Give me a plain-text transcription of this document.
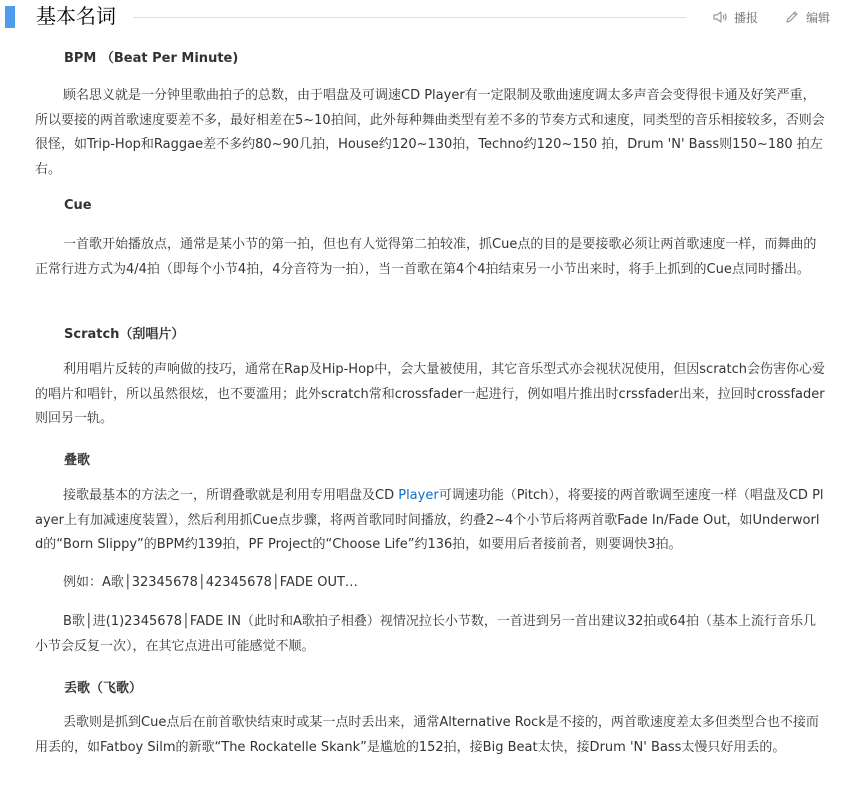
基本名词	播报	编辑
BPM （Beat Per Minute)
顾名思义就是一分钟里歌曲拍子的总数，由于唱盘及可调速CD Player有一定限制及歌曲速度调太多声音会变得很卡通及好笑严重，所以要接的两首歌速度要差不多，最好相差在5~10拍间，此外每种舞曲类型有差不多的节奏方式和速度，同类型的音乐相接较多，否则会很怪，如Trip-Hop和Raggae差不多约80~90几拍，House约120~130拍，Techno约120~150 拍，Drum 'N' Bass则150~180 拍左右。
Cue
一首歌开始播放点，通常是某小节的第一拍，但也有人觉得第二拍较准，抓Cue点的目的是要接歌必须让两首歌速度一样，而舞曲的正常行进方式为4/4拍（即每个小节4拍，4分音符为一拍），当一首歌在第4个4拍结束另一小节出来时，将手上抓到的Cue点同时播出。
Scratch（刮唱片）
利用唱片反转的声响做的技巧，通常在Rap及Hip-Hop中，会大量被使用，其它音乐型式亦会视状况使用，但因scratch会伤害你心爱的唱片和唱针，所以虽然很炫，也不要滥用；此外scratch常和crossfader一起进行，例如唱片推出时crssfader出来，拉回时crossfader则回另一轨。
叠歌
接歌最基本的方法之一，所谓叠歌就是利用专用唱盘及CD Player可调速功能（Pitch），将要接的两首歌调至速度一样（唱盘及CD Player上有加减速度装置），然后利用抓Cue点步骤，将两首歌同时间播放，约叠2~4个小节后将两首歌Fade In/Fade Out，如Underworld的“Born Slippy”的BPM约139拍，PF Project的“Choose Life”约136拍，如要用后者接前者，则要调快3拍。
例如：A歌│32345678│42345678│FADE OUT…
B歌│进(1)2345678│FADE IN（此时和A歌拍子相叠）视情况拉长小节数，一首进到另一首出建议32拍或64拍（基本上流行音乐几小节会反复一次），在其它点进出可能感觉不顺。
丢歌（飞歌）
丢歌则是抓到Cue点后在前首歌快结束时或某一点时丢出来，通常Alternative Rock是不接的，两首歌速度差太多但类型合也不接而用丢的，如Fatboy Silm的新歌“The Rockatelle Skank”是尴尬的152拍，接Big Beat太快，接Drum 'N' Bass太慢只好用丢的。
